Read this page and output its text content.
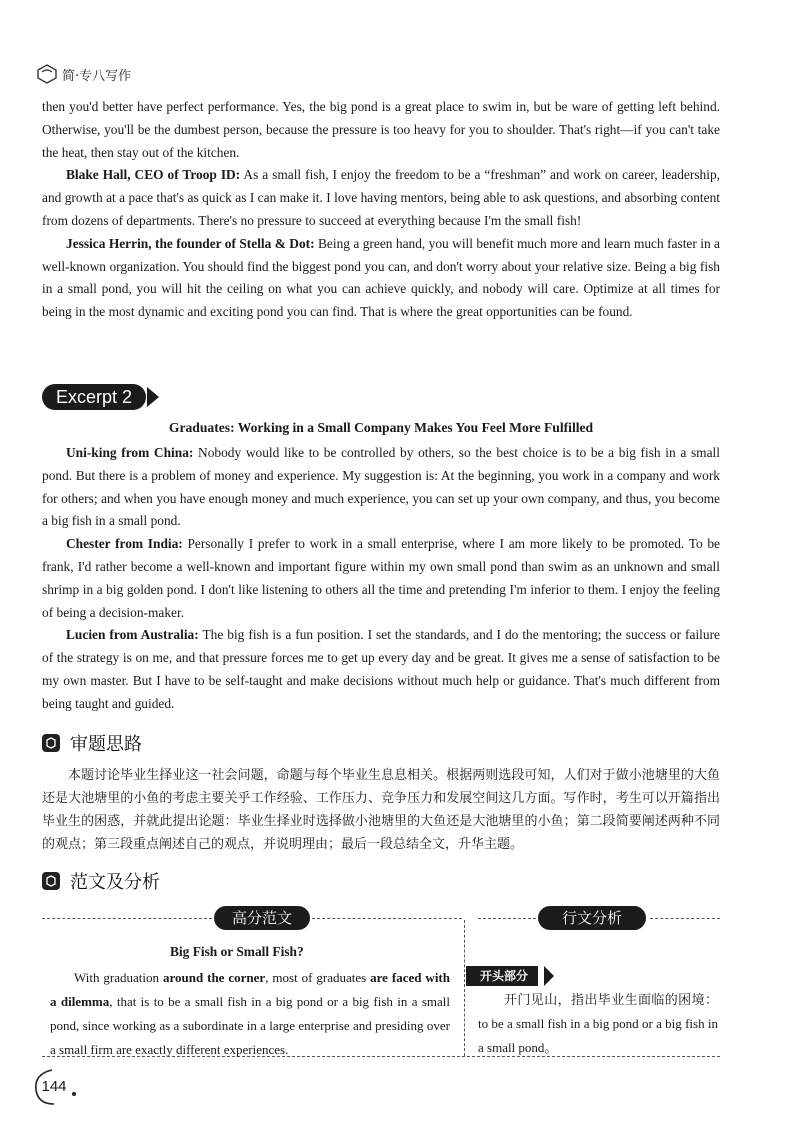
简·专八写作

then you'd better have perfect performance. Yes, the big pond is a great place to swim in, but be ware of getting left behind. Otherwise, you'll be the dumbest person, because the pressure is too heavy for you to shoulder. That's right—if you can't take the heat, then stay out of the kitchen.

Blake Hall, CEO of Troop ID: As a small fish, I enjoy the freedom to be a “freshman” and work on career, leadership, and growth at a pace that's as quick as I can make it. I love having mentors, being able to ask questions, and absorbing content from dozens of departments. There's no pressure to succeed at everything because I'm the small fish!

Jessica Herrin, the founder of Stella & Dot: Being a green hand, you will benefit much more and learn much faster in a well-known organization. You should find the biggest pond you can, and don't worry about your relative size. Being a big fish in a small pond, you will hit the ceiling on what you can achieve quickly, and nobody will care. Optimize at all times for being in the most dynamic and exciting pond you can find. That is where the great opportunities can be found.

Excerpt 2
Graduates: Working in a Small Company Makes You Feel More Fulfilled

Uni-king from China: Nobody would like to be controlled by others, so the best choice is to be a big fish in a small pond. But there is a problem of money and experience. My suggestion is: At the beginning, you work in a company and work for others; and when you have enough money and much experience, you can set up your own company, and thus, you become a big fish in a small pond.

Chester from India: Personally I prefer to work in a small enterprise, where I am more likely to be promoted. To be frank, I'd rather become a well-known and important figure within my own small pond than swim as an unknown and small shrimp in a big golden pond. I don't like listening to others all the time and pretending I'm inferior to them. I enjoy the feeling of being a decision-maker.

Lucien from Australia: The big fish is a fun position. I set the standards, and I do the mentoring; the success or failure of the strategy is on me, and that pressure forces me to get up every day and be great. It gives me a sense of satisfaction to be my own master. But I have to be self-taught and make decisions without much help or guidance. That's much different from being taught and guided.

审题思路
本题讨论毕业生择业这一社会问题，命题与每个毕业生息息相关。根据两则选段可知，人们对于做小池塘里的大鱼还是大池塘里的小鱼的考虑主要关乎工作经验、工作压力、竞争压力和发展空间这几方面。写作时，考生可以开篇指出毕业生的困惑，并就此提出论题：毕业生择业时选择做小池塘里的大鱼还是大池塘里的小鱼；第二段简要阐述两种不同的观点；第三段重点阐述自己的观点，并说明理由；最后一段总结全文，升华主题。
范文及分析
高分范文	行文分析
Big Fish or Small Fish?

With graduation around the corner, most of graduates are faced with a dilemma, that is to be a small fish in a big pond or a big fish in a small pond, since working as a subordinate in a large enterprise and presiding over a small firm are exactly different experiences.

开头部分

开门见山，指出毕业生面临的困境：to be a small fish in a big pond or a big fish in a small pond。

144
